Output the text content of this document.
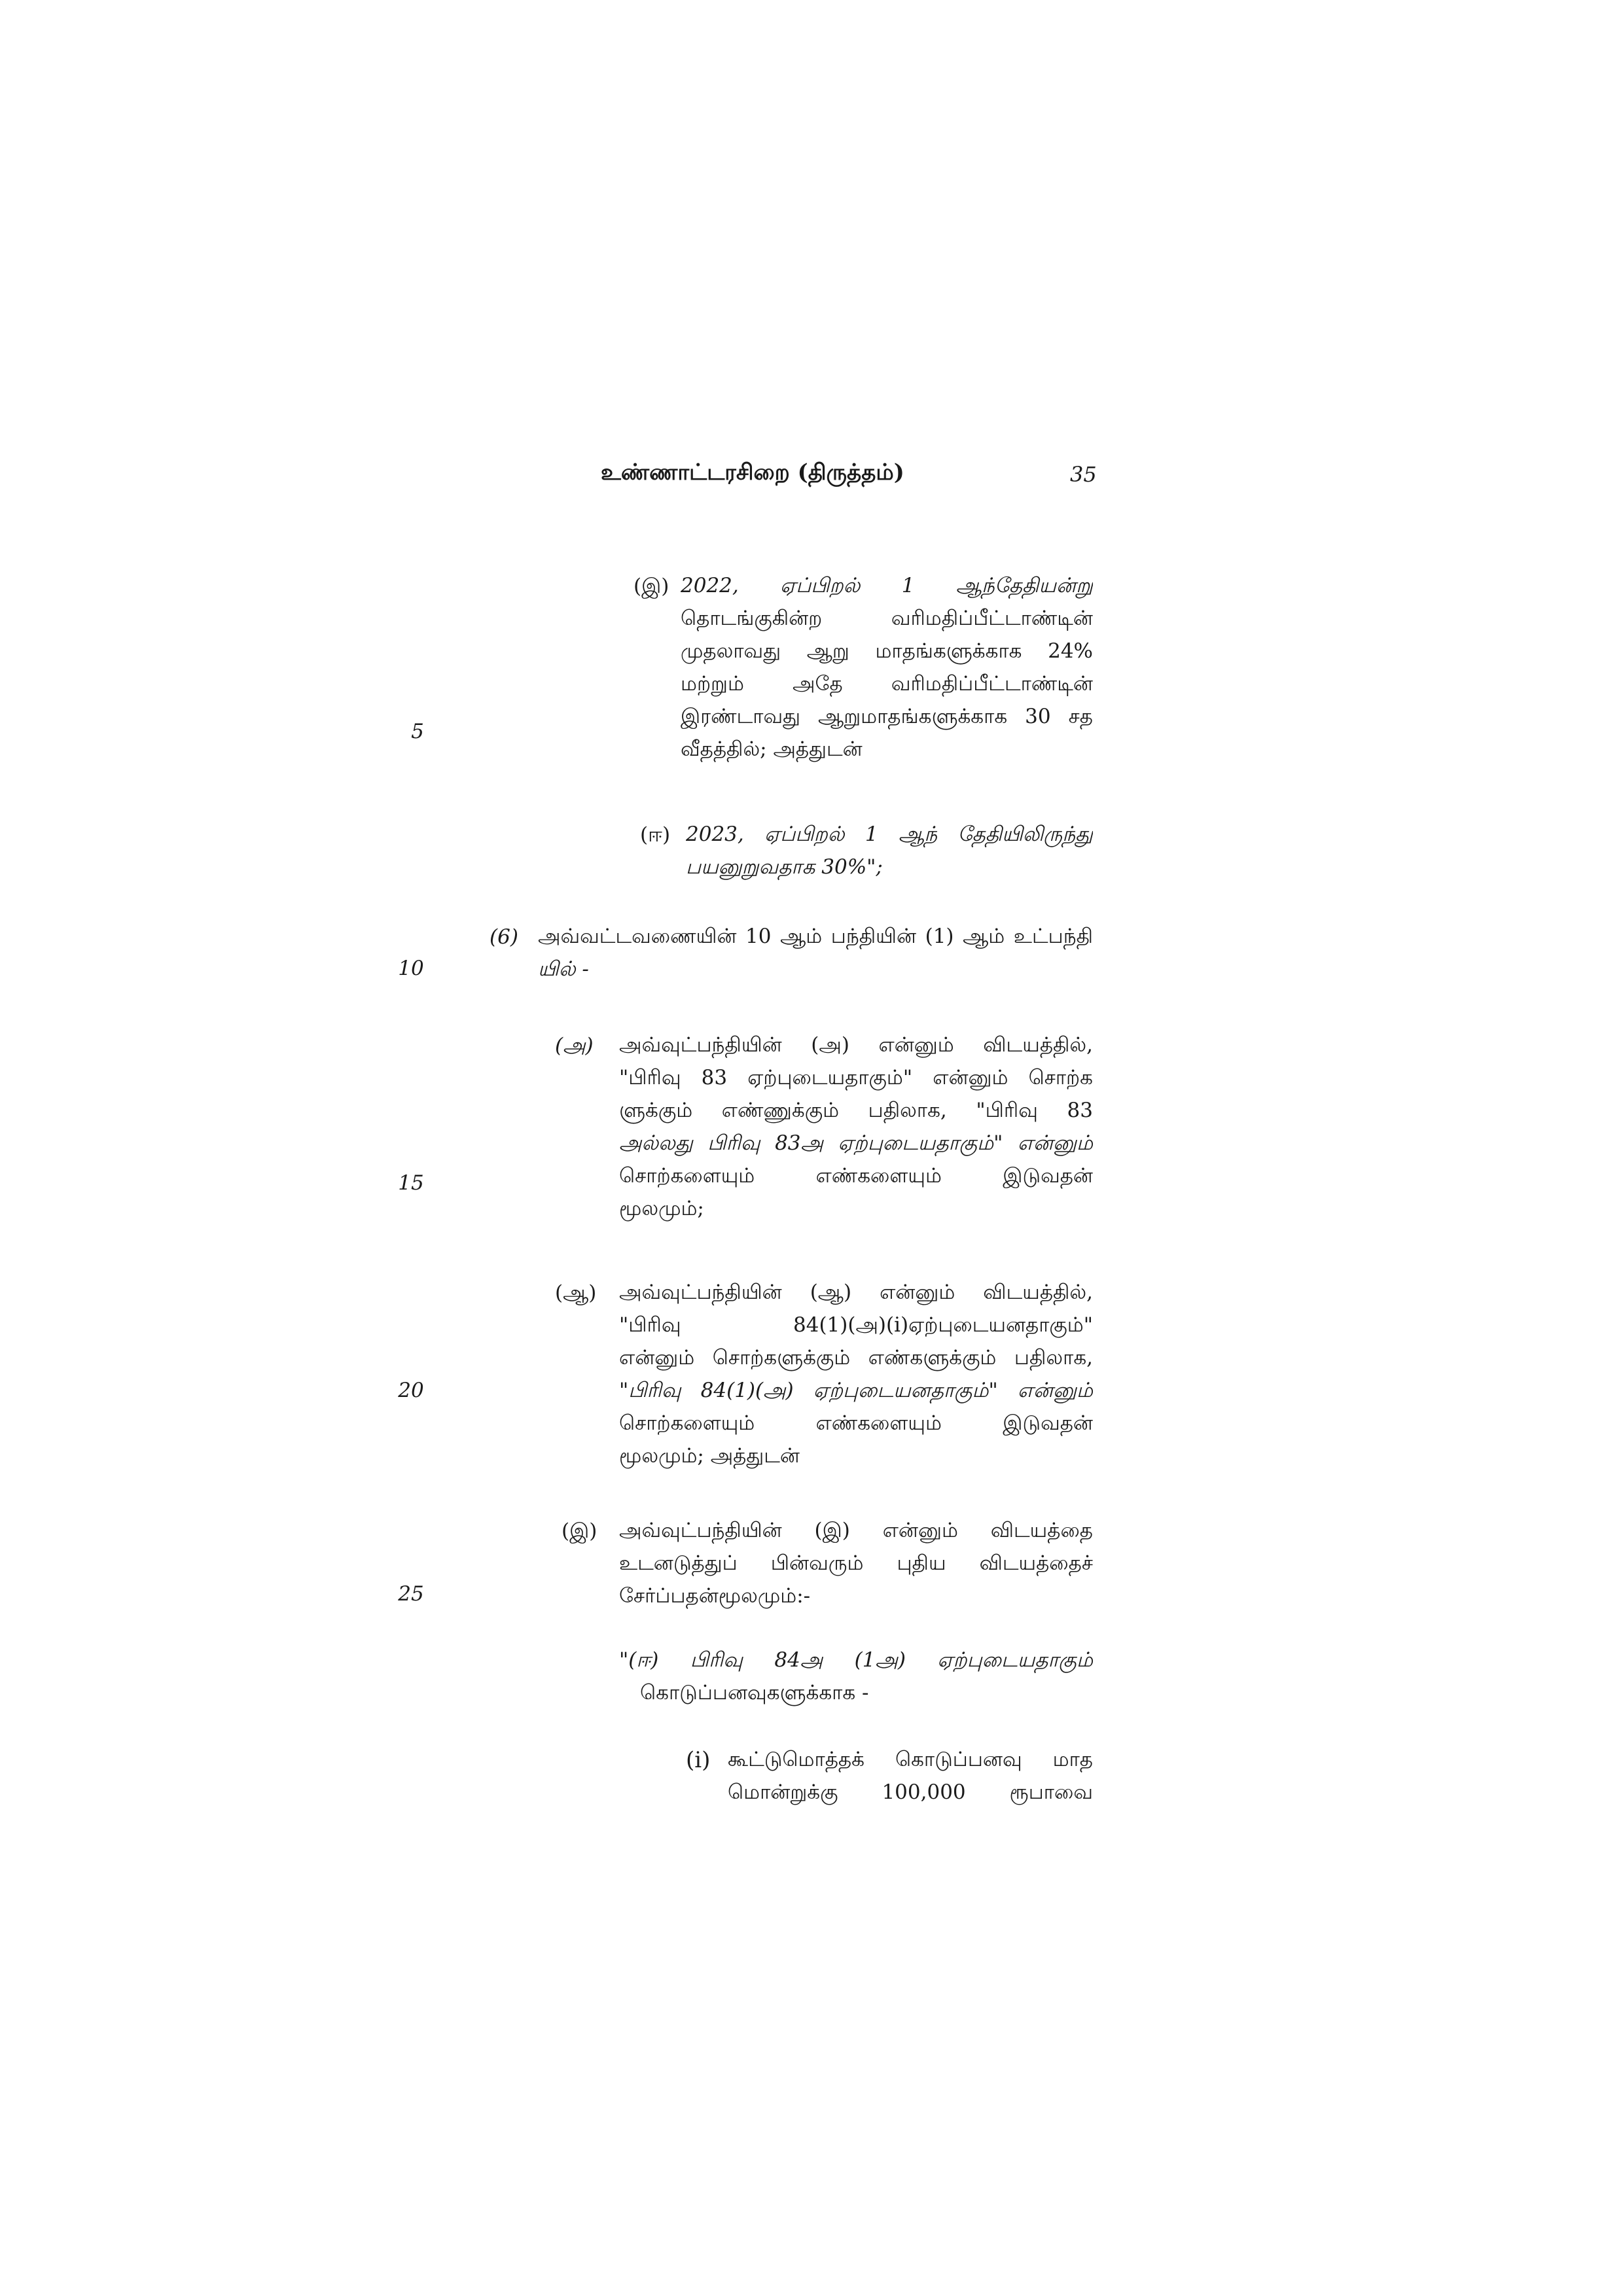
உண்ணாட்டரசிறை (திருத்தம்)	35
5
10
15
20
25
(இ) 2022, ஏப்பிறல் 1 ஆந்தேதியன்று
தொடங்குகின்ற வரிமதிப்பீட்டாண்டின்
முதலாவது ஆறு மாதங்களுக்காக 24%
மற்றும் அதே வரிமதிப்பீட்டாண்டின்
இரண்டாவது ஆறுமாதங்களுக்காக 30 சத
வீதத்தில்; அத்துடன்
(ஈ) 2023, ஏப்பிறல் 1 ஆந் தேதியிலிருந்து
பயனுறுவதாக 30%";
(6) அவ்வட்டவணையின் 10 ஆம் பந்தியின் (1) ஆம் உட்பந்தி
யில் -
(அ) அவ்வுட்பந்தியின் (அ) என்னும் விடயத்தில்,
"பிரிவு 83 ஏற்புடையதாகும்" என்னும் சொற்க
ளுக்கும் எண்ணுக்கும் பதிலாக, "பிரிவு 83
அல்லது பிரிவு 83அ ஏற்புடையதாகும்" என்னும்
சொற்களையும் எண்களையும் இடுவதன்
மூலமும்;
(ஆ) அவ்வுட்பந்தியின் (ஆ) என்னும் விடயத்தில்,
"பிரிவு 84(1)(அ)(i)ஏற்புடையனதாகும்"
என்னும் சொற்களுக்கும் எண்களுக்கும் பதிலாக,
"பிரிவு 84(1)(அ) ஏற்புடையனதாகும்" என்னும்
சொற்களையும் எண்களையும் இடுவதன்
மூலமும்; அத்துடன்
(இ) அவ்வுட்பந்தியின் (இ) என்னும் விடயத்தை
உடனடுத்துப் பின்வரும் புதிய விடயத்தைச்
சேர்ப்பதன்மூலமும்:-
"(ஈ) பிரிவு 84அ (1அ) ஏற்புடையதாகும்
கொடுப்பனவுகளுக்காக -
(i) கூட்டுமொத்தக் கொடுப்பனவு மாத
மொன்றுக்கு 100,000 ரூபாவை
